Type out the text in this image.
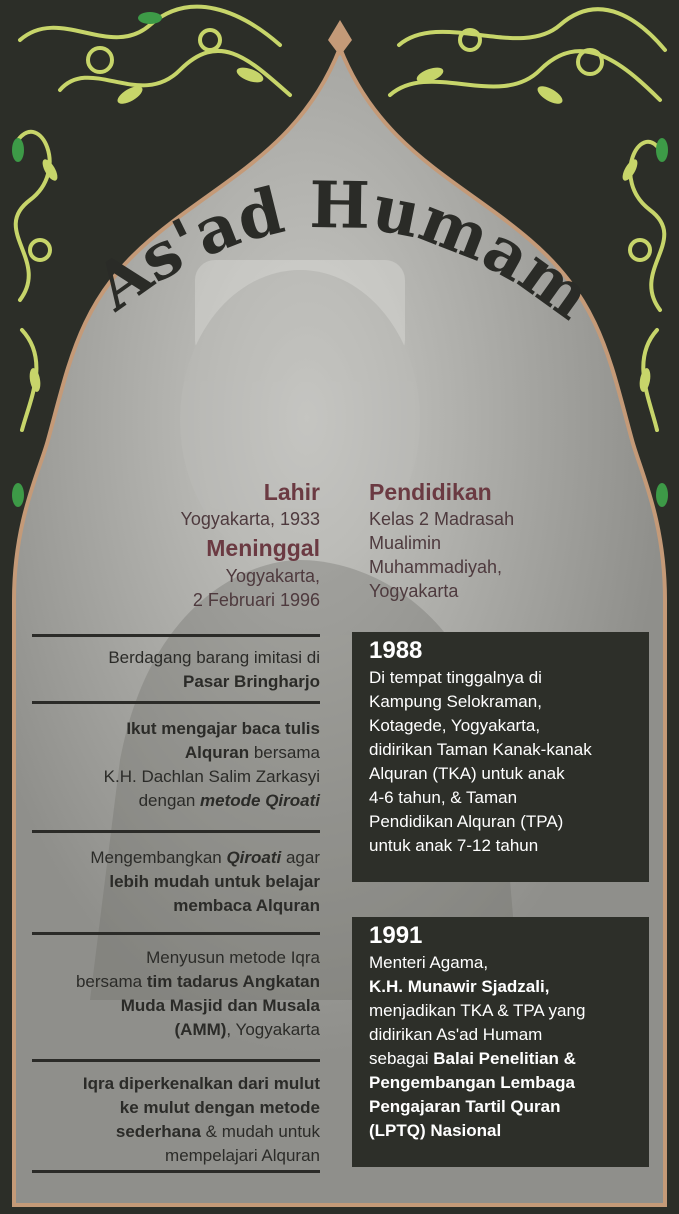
As'ad Humam
Lahir
Yogyakarta, 1933
Meninggal
Yogyakarta,
2 Februari 1996
Pendidikan
Kelas 2 Madrasah
Mualimin
Muhammadiyah,
Yogyakarta
Berdagang barang imitasi di
Pasar Bringharjo
Ikut mengajar baca tulis
Alquran bersama
K.H. Dachlan Salim Zarkasyi
dengan metode Qiroati
Mengembangkan Qiroati agar
lebih mudah untuk belajar
membaca Alquran
Menyusun metode Iqra
bersama tim tadarus Angkatan
Muda Masjid dan Musala
(AMM), Yogyakarta
Iqra diperkenalkan dari mulut
ke mulut dengan metode
sederhana & mudah untuk
mempelajari Alquran
1988
Di tempat tinggalnya di
Kampung Selokraman,
Kotagede, Yogyakarta,
didirikan Taman Kanak-kanak
Alquran (TKA) untuk anak
4-6 tahun, & Taman
Pendidikan Alquran (TPA)
untuk anak 7-12 tahun
1991
Menteri Agama,
K.H. Munawir Sjadzali,
menjadikan TKA & TPA yang
didirikan As'ad Humam
sebagai Balai Penelitian &
Pengembangan Lembaga
Pengajaran Tartil Quran
(LPTQ) Nasional
